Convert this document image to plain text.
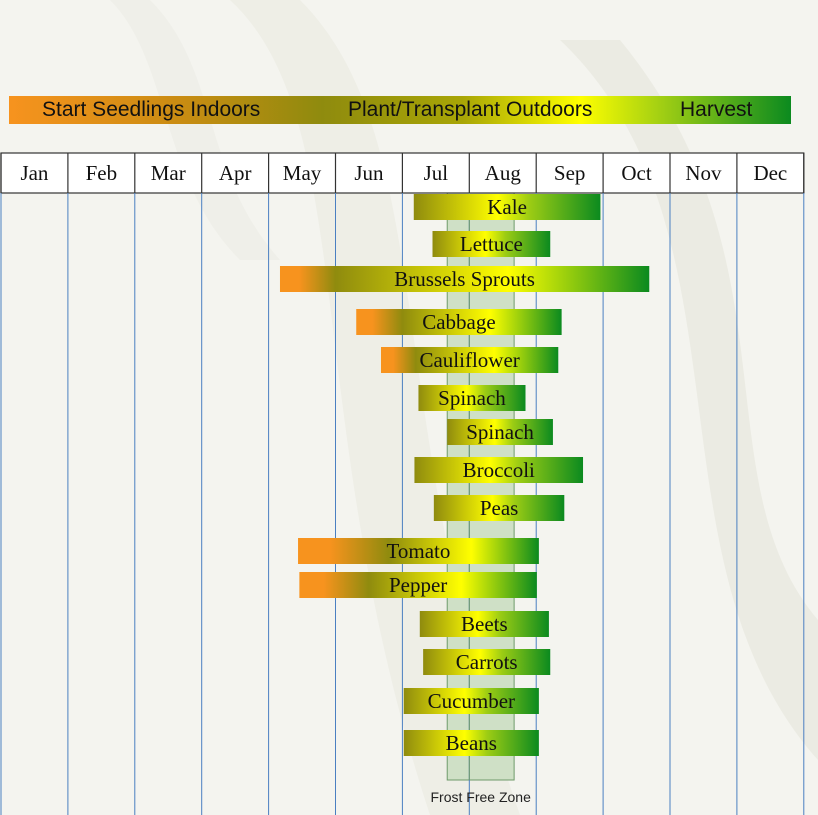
Start Seedlings Indoors	Plant/Transplant Outdoors	Harvest
Jan Feb Mar Apr May Jun Jul Aug Sep Oct Nov Dec
Kale
Lettuce
Brussels Sprouts
Cabbage
Cauliflower
Spinach
Spinach
Broccoli
Peas
Tomato
Pepper
Beets
Carrots
Cucumber
Beans
Frost Free Zone
